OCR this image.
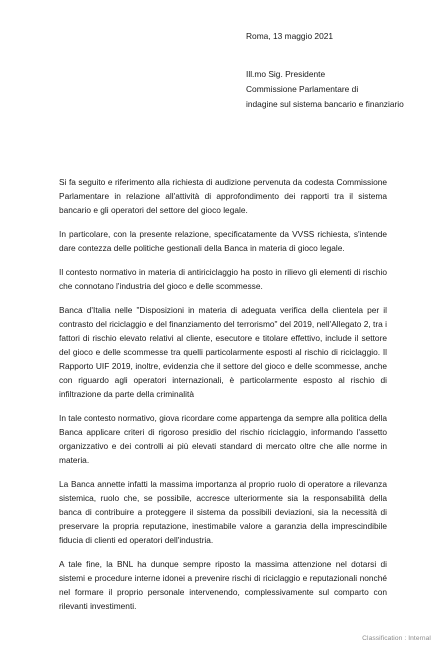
Roma, 13 maggio 2021
Ill.mo Sig. Presidente
Commissione Parlamentare di
indagine sul sistema bancario e finanziario

Si fa seguito e riferimento alla richiesta di audizione pervenuta da codesta Commissione Parlamentare in relazione all'attività di approfondimento dei rapporti tra il sistema bancario e gli operatori del settore del gioco legale.

In particolare, con la presente relazione, specificatamente da VVSS richiesta, s'intende dare contezza delle politiche gestionali della Banca in materia di gioco legale.

Il contesto normativo in materia di antiriciclaggio ha posto in rilievo gli elementi di rischio che connotano l'industria del gioco e delle scommesse.

Banca d'Italia nelle "Disposizioni in materia di adeguata verifica della clientela per il contrasto del riciclaggio e del finanziamento del terrorismo" del 2019, nell'Allegato 2, tra i fattori di rischio elevato relativi al cliente, esecutore e titolare effettivo, include il settore del gioco e delle scommesse tra quelli particolarmente esposti al rischio di riciclaggio. Il Rapporto UIF 2019, inoltre, evidenzia che il settore del gioco e delle scommesse, anche con riguardo agli operatori internazionali, è particolarmente esposto al rischio di infiltrazione da parte della criminalità

In tale contesto normativo, giova ricordare come appartenga da sempre alla politica della Banca applicare criteri di rigoroso presidio del rischio riciclaggio, informando l'assetto organizzativo e dei controlli ai più elevati standard di mercato oltre che alle norme in materia.

La Banca annette infatti la massima importanza al proprio ruolo di operatore a rilevanza sistemica, ruolo che, se possibile, accresce ulteriormente sia la responsabilità della banca di contribuire a proteggere il sistema da possibili deviazioni, sia la necessità di preservare la propria reputazione, inestimabile valore a garanzia della imprescindibile fiducia di clienti ed operatori dell'industria.

A tale fine, la BNL ha dunque sempre riposto la massima attenzione nel dotarsi di sistemi e procedure interne idonei a prevenire rischi di riciclaggio e reputazionali nonché nel formare il proprio personale intervenendo, complessivamente sul comparto con rilevanti investimenti.

Classification : Internal
